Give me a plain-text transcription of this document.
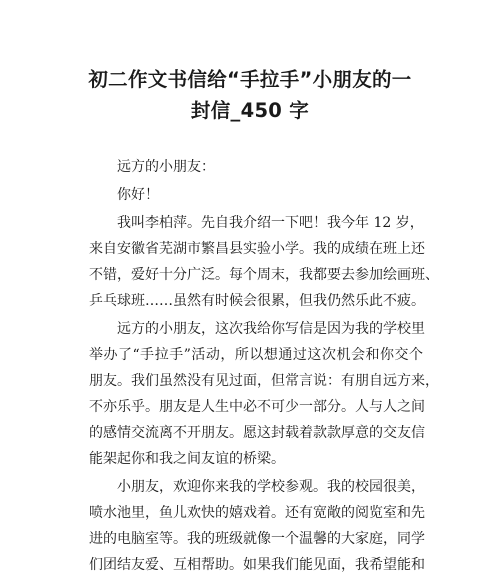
初二作文书信给“手拉手”小朋友的一
封信_450 字
远方的小朋友：
你好！
我叫李柏萍。先自我介绍一下吧！我今年 12 岁，
来自安徽省芜湖市繁昌县实验小学。我的成绩在班上还
不错，爱好十分广泛。每个周末，我都要去参加绘画班、
乒乓球班……虽然有时候会很累，但我仍然乐此不疲。
远方的小朋友，这次我给你写信是因为我的学校里
举办了“手拉手”活动，所以想通过这次机会和你交个
朋友。我们虽然没有见过面，但常言说：有朋自远方来，
不亦乐乎。朋友是人生中必不可少一部分。人与人之间
的感情交流离不开朋友。愿这封载着款款厚意的交友信
能架起你和我之间友谊的桥梁。
小朋友，欢迎你来我的学校参观。我的校园很美，
喷水池里，鱼儿欢快的嬉戏着。还有宽敞的阅览室和先
进的电脑室等。我的班级就像一个温馨的大家庭，同学
们团结友爱、互相帮助。如果我们能见面，我希望能和
